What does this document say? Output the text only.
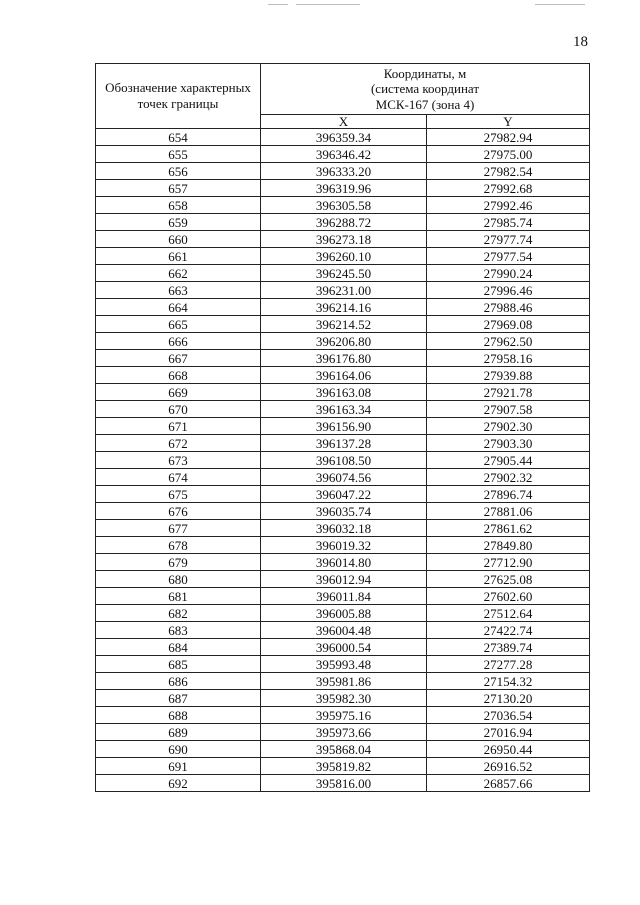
18
Обозначение характерных точек границы	Координаты, м
(система координат
МСК-167 (зона 4)	

	X	Y
654	396359.34	27982.94
655	396346.42	27975.00
656	396333.20	27982.54
657	396319.96	27992.68
658	396305.58	27992.46
659	396288.72	27985.74
660	396273.18	27977.74
661	396260.10	27977.54
662	396245.50	27990.24
663	396231.00	27996.46
664	396214.16	27988.46
665	396214.52	27969.08
666	396206.80	27962.50
667	396176.80	27958.16
668	396164.06	27939.88
669	396163.08	27921.78
670	396163.34	27907.58
671	396156.90	27902.30
672	396137.28	27903.30
673	396108.50	27905.44
674	396074.56	27902.32
675	396047.22	27896.74
676	396035.74	27881.06
677	396032.18	27861.62
678	396019.32	27849.80
679	396014.80	27712.90
680	396012.94	27625.08
681	396011.84	27602.60
682	396005.88	27512.64
683	396004.48	27422.74
684	396000.54	27389.74
685	395993.48	27277.28
686	395981.86	27154.32
687	395982.30	27130.20
688	395975.16	27036.54
689	395973.66	27016.94
690	395868.04	26950.44
691	395819.82	26916.52
692	395816.00	26857.66
